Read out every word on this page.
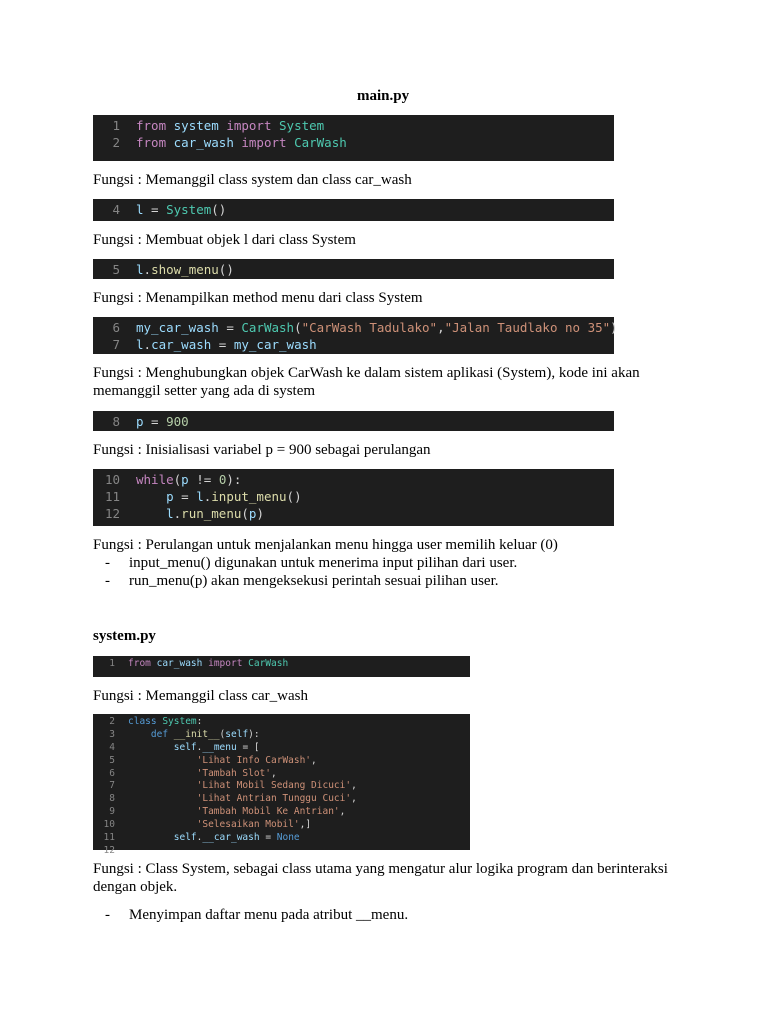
main.py
1	from system import System
2	from car_wash import CarWash
Fungsi : Memanggil class system dan class car_wash
4	l = System()
Fungsi : Membuat objek l dari class System
5	l.show_menu()
Fungsi : Menampilkan method menu dari class System
6	my_car_wash = CarWash("CarWash Tadulako","Jalan Taudlako no 35")
7	l.car_wash = my_car_wash
Fungsi : Menghubungkan objek CarWash ke dalam sistem aplikasi (System), kode ini akan memanggil setter yang ada di system
8	p = 900
Fungsi : Inisialisasi variabel p = 900 sebagai perulangan
10	while(p != 0):
11	p = l.input_menu()
12	l.run_menu(p)
Fungsi : Perulangan untuk menjalankan menu hingga user memilih keluar (0)
- input_menu() digunakan untuk menerima input pilihan dari user.
- run_menu(p) akan mengeksekusi perintah sesuai pilihan user.
system.py
1	from car_wash import CarWash
Fungsi : Memanggil class car_wash
2	class System:
3	def __init__(self):
4	self.__menu = [
5	'Lihat Info CarWash',
6	'Tambah Slot',
7	'Lihat Mobil Sedang Dicuci',
8	'Lihat Antrian Tunggu Cuci',
9	'Tambah Mobil Ke Antrian',
10	'Selesaikan Mobil',]
11	self.__car_wash = None
12
Fungsi : Class System, sebagai class utama yang mengatur alur logika program dan berinteraksi dengan objek.
- Menyimpan daftar menu pada atribut __menu.
